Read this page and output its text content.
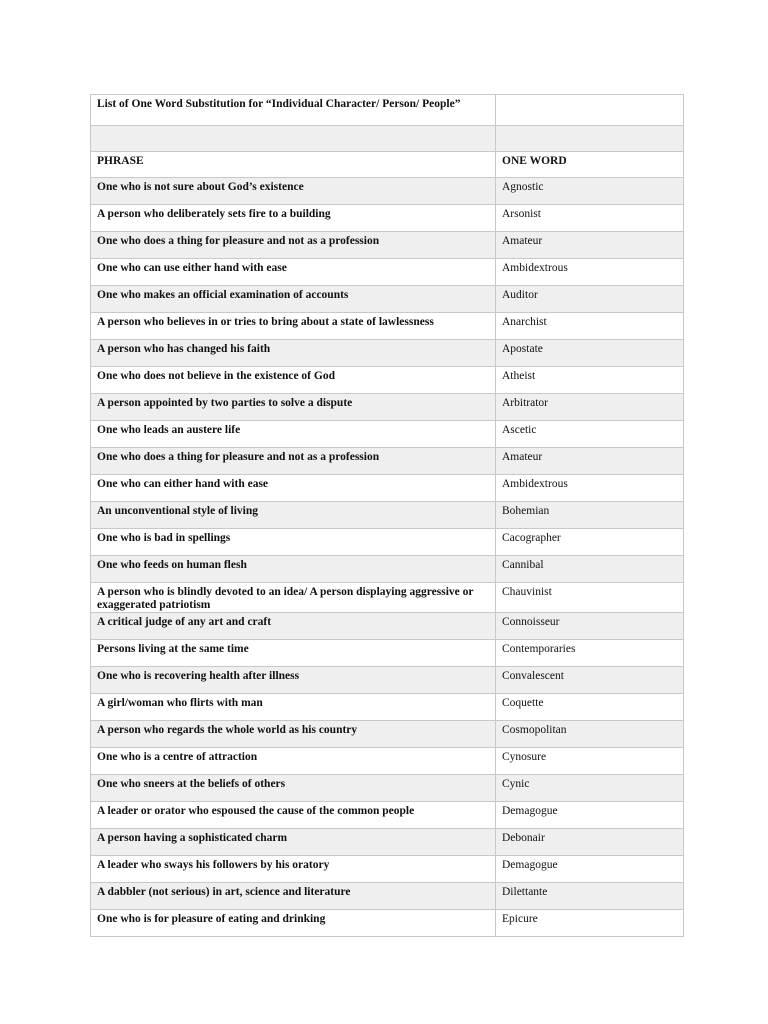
List of One Word Substitution for “Individual Character/ Person/ People”	

PHRASE	ONE WORD
One who is not sure about God’s existence	Agnostic
A person who deliberately sets fire to a building	Arsonist
One who does a thing for pleasure and not as a profession	Amateur
One who can use either hand with ease	Ambidextrous
One who makes an official examination of accounts	Auditor
A person who believes in or tries to bring about a state of lawlessness	Anarchist
A person who has changed his faith	Apostate
One who does not believe in the existence of God	Atheist
A person appointed by two parties to solve a dispute	Arbitrator
One who leads an austere life	Ascetic
One who does a thing for pleasure and not as a profession	Amateur
One who can either hand with ease	Ambidextrous
An unconventional style of living	Bohemian
One who is bad in spellings	Cacographer
One who feeds on human flesh	Cannibal
A person who is blindly devoted to an idea/ A person displaying aggressive or exaggerated patriotism	Chauvinist
A critical judge of any art and craft	Connoisseur
Persons living at the same time	Contemporaries
One who is recovering health after illness	Convalescent
A girl/woman who flirts with man	Coquette
A person who regards the whole world as his country	Cosmopolitan
One who is a centre of attraction	Cynosure
One who sneers at the beliefs of others	Cynic
A leader or orator who espoused the cause of the common people	Demagogue
A person having a sophisticated charm	Debonair
A leader who sways his followers by his oratory	Demagogue
A dabbler (not serious) in art, science and literature	Dilettante
One who is for pleasure of eating and drinking	Epicure
